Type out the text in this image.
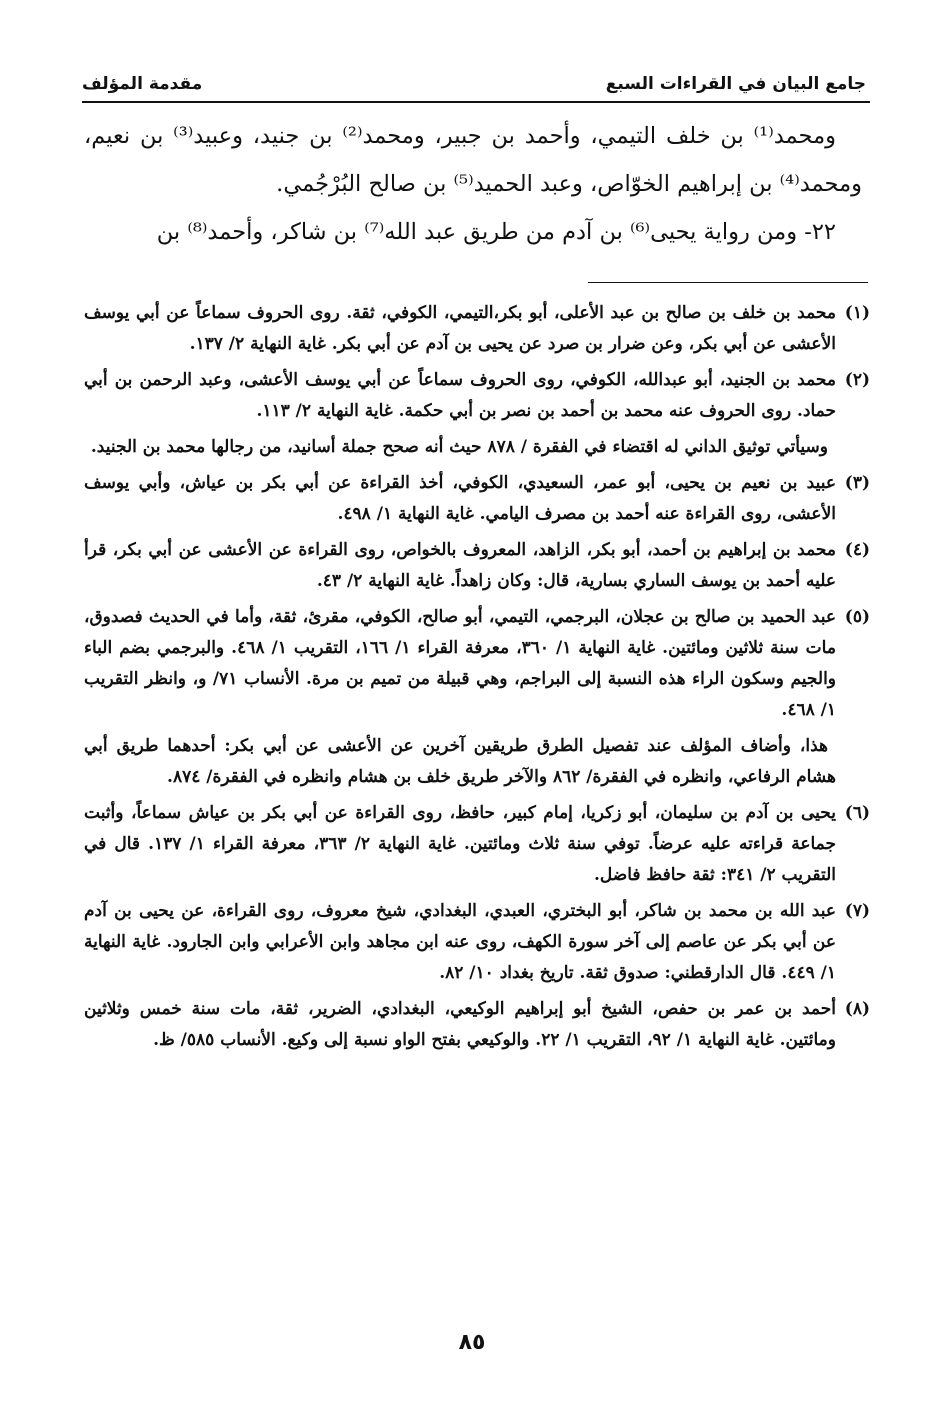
جامع البيان في القراءات السبع
مقدمة المؤلف

ومحمد⁽¹⁾ بن خلف التيمي، وأحمد بن جبير، ومحمد⁽²⁾ بن جنيد، وعبيد⁽³⁾ بن نعيم، ومحمد⁽⁴⁾ بن إبراهيم الخوّاص، وعبد الحميد⁽⁵⁾ بن صالح البُرْجُمي.

٢٢- ومن رواية يحيى⁽⁶⁾ بن آدم من طريق عبد الله⁽⁷⁾ بن شاكر، وأحمد⁽⁸⁾ بن

(١)
محمد بن خلف بن صالح بن عبد الأعلى، أبو بكر،التيمي، الكوفي، ثقة. روى الحروف سماعاً عن أبي يوسف الأعشى عن أبي بكر، وعن ضرار بن صرد عن يحيى بن آدم عن أبي بكر. غاية النهاية ٢/ ١٣٧.
(٢)
محمد بن الجنيد، أبو عبدالله، الكوفي، روى الحروف سماعاً عن أبي يوسف الأعشى، وعبد الرحمن بن أبي حماد. روى الحروف عنه محمد بن أحمد بن نصر بن أبي حكمة. غاية النهاية ٢/ ١١٣.
وسيأتي توثيق الداني له اقتضاء في الفقرة / ٨٧٨ حيث أنه صحح جملة أسانيد، من رجالها محمد بن الجنيد.
(٣)
عبيد بن نعيم بن يحيى، أبو عمر، السعيدي، الكوفي، أخذ القراءة عن أبي بكر بن عياش، وأبي يوسف الأعشى، روى القراءة عنه أحمد بن مصرف اليامي. غاية النهاية ١/ ٤٩٨.
(٤)
محمد بن إبراهيم بن أحمد، أبو بكر، الزاهد، المعروف بالخواص، روى القراءة عن الأعشى عن أبي بكر، قرأ عليه أحمد بن يوسف الساري بسارية، قال: وكان زاهداً. غاية النهاية ٢/ ٤٣.
(٥)
عبد الحميد بن صالح بن عجلان، البرجمي، التيمي، أبو صالح، الكوفي، مقرئ، ثقة، وأما في الحديث فصدوق، مات سنة ثلاثين ومائتين. غاية النهاية ١/ ٣٦٠، معرفة القراء ١/ ١٦٦، التقريب ١/ ٤٦٨. والبرجمي بضم الباء والجيم وسكون الراء هذه النسبة إلى البراجم، وهي قبيلة من تميم بن مرة. الأنساب ٧١/ و، وانظر التقريب ١/ ٤٦٨.
هذا، وأضاف المؤلف عند تفصيل الطرق طريقين آخرين عن الأعشى عن أبي بكر: أحدهما طريق أبي هشام الرفاعي، وانظره في الفقرة/ ٨٦٢ والآخر طريق خلف بن هشام وانظره في الفقرة/ ٨٧٤.
(٦)
يحيى بن آدم بن سليمان، أبو زكريا، إمام كبير، حافظ، روى القراءة عن أبي بكر بن عياش سماعاً، وأثبت جماعة قراءته عليه عرضاً. توفي سنة ثلاث ومائتين. غاية النهاية ٢/ ٣٦٣، معرفة القراء ١/ ١٣٧. قال في التقريب ٢/ ٣٤١: ثقة حافظ فاضل.
(٧)
عبد الله بن محمد بن شاكر، أبو البختري، العبدي، البغدادي، شيخ معروف، روى القراءة، عن يحيى بن آدم عن أبي بكر عن عاصم إلى آخر سورة الكهف، روى عنه ابن مجاهد وابن الأعرابي وابن الجارود. غاية النهاية ١/ ٤٤٩. قال الدارقطني: صدوق ثقة. تاريخ بغداد ١٠/ ٨٢.
(٨)
أحمد بن عمر بن حفص، الشيخ أبو إبراهيم الوكيعي، البغدادي، الضرير، ثقة، مات سنة خمس وثلاثين ومائتين. غاية النهاية ١/ ٩٢، التقريب ١/ ٢٢. والوكيعي بفتح الواو نسبة إلى وكيع. الأنساب ٥٨٥/ ظ.
٨٥
